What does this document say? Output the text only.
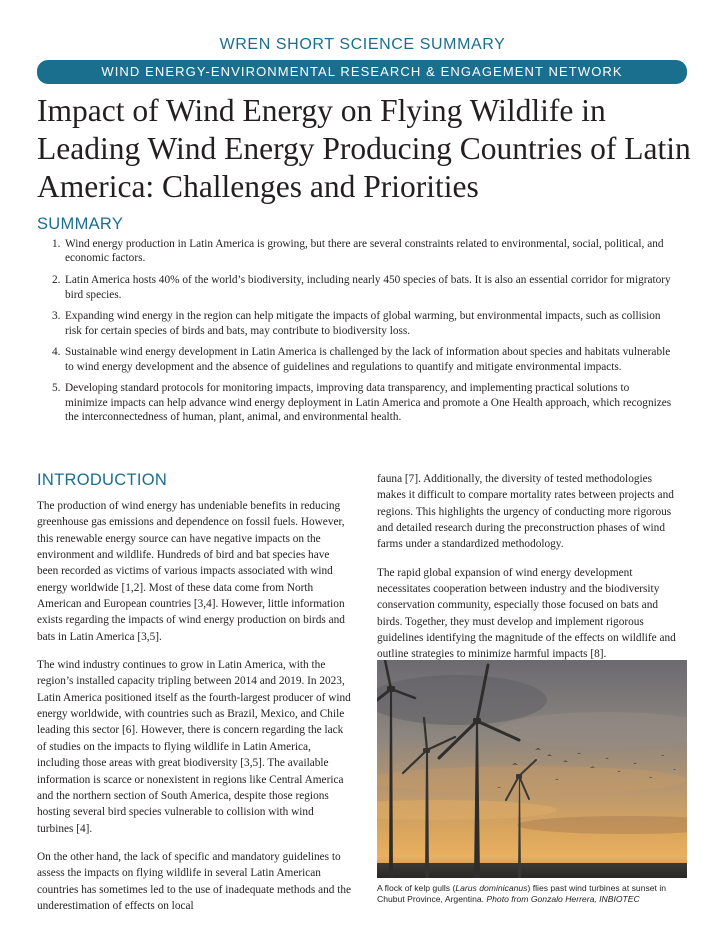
WREN SHORT SCIENCE SUMMARY
WIND ENERGY-ENVIRONMENTAL RESEARCH & ENGAGEMENT NETWORK
Impact of Wind Energy on Flying Wildlife in Leading Wind Energy Producing Countries of Latin America: Challenges and Priorities
SUMMARY
1. Wind energy production in Latin America is growing, but there are several constraints related to environmental, social, political, and economic factors.
2. Latin America hosts 40% of the world’s biodiversity, including nearly 450 species of bats. It is also an essential corridor for migratory bird species.
3. Expanding wind energy in the region can help mitigate the impacts of global warming, but environmental impacts, such as collision risk for certain species of birds and bats, may contribute to biodiversity loss.
4. Sustainable wind energy development in Latin America is challenged by the lack of information about species and habitats vulnerable to wind energy development and the absence of guidelines and regulations to quantify and mitigate environmental impacts.
5. Developing standard protocols for monitoring impacts, improving data transparency, and implementing practical solutions to minimize impacts can help advance wind energy deployment in Latin America and promote a One Health approach, which recognizes the interconnectedness of human, plant, animal, and environmental health.
INTRODUCTION

The production of wind energy has undeniable benefits in reducing greenhouse gas emissions and dependence on fossil fuels. However, this renewable energy source can have negative impacts on the environment and wildlife. Hundreds of bird and bat species have been recorded as victims of various impacts associated with wind energy worldwide [1,2]. Most of these data come from North American and European countries [3,4]. However, little information exists regarding the impacts of wind energy production on birds and bats in Latin America [3,5].

The wind industry continues to grow in Latin America, with the region’s installed capacity tripling between 2014 and 2019. In 2023, Latin America positioned itself as the fourth-largest producer of wind energy worldwide, with countries such as Brazil, Mexico, and Chile leading this sector [6]. However, there is concern regarding the lack of studies on the impacts to flying wildlife in Latin America, including those areas with great biodiversity [3,5]. The available information is scarce or nonexistent in regions like Central America and the northern section of South America, despite those regions hosting several bird species vulnerable to collision with wind turbines [4].

On the other hand, the lack of specific and mandatory guidelines to assess the impacts on flying wildlife in several Latin American countries has sometimes led to the use of inadequate methods and the underestimation of effects on local

fauna [7]. Additionally, the diversity of tested methodologies makes it difficult to compare mortality rates between projects and regions. This highlights the urgency of conducting more rigorous and detailed research during the preconstruction phases of wind farms under a standardized methodology.

The rapid global expansion of wind energy development necessitates cooperation between industry and the biodiversity conservation community, especially those focused on bats and birds. Together, they must develop and implement rigorous guidelines identifying the magnitude of the effects on wildlife and outline strategies to minimize harmful impacts [8].

A flock of kelp gulls (Larus dominicanus) flies past wind turbines at sunset in Chubut Province, Argentina. Photo from Gonzalo Herrera, INBIOTEC
